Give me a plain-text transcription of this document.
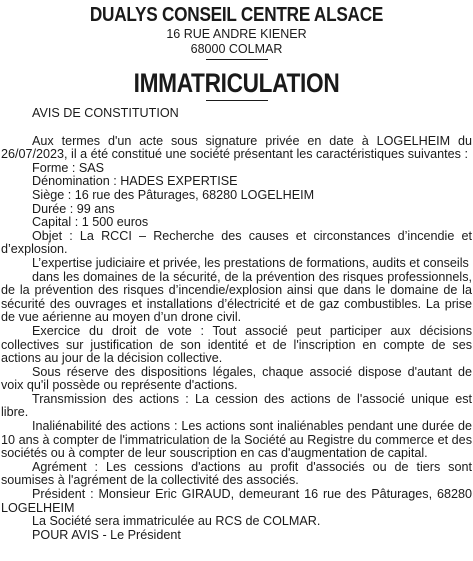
DUALYS CONSEIL CENTRE ALSACE
16 RUE ANDRE KIENER
68000 COLMAR
IMMATRICULATION

AVIS DE CONSTITUTION

Aux termes d'un acte sous signature privée en date à LOGELHEIM du 26/07/2023, il a été constitué une société présentant les caractéristiques suivantes :

Forme : SAS

Dénomination : HADES EXPERTISE

Siège : 16 rue des Pâturages, 68280 LOGELHEIM

Durée : 99 ans

Capital : 1 500 euros

Objet : La RCCI – Recherche des causes et circonstances d’incendie et d’explosion.

L’expertise judiciaire et privée, les prestations de formations, audits et conseils

dans les domaines de la sécurité, de la prévention des risques professionnels, de la prévention des risques d’incendie/explosion ainsi que dans le domaine de la sécurité des ouvrages et installations d’électricité et de gaz combustibles. La prise de vue aérienne au moyen d’un drone civil.

Exercice du droit de vote : Tout associé peut participer aux décisions collectives sur justification de son identité et de l'inscription en compte de ses actions au jour de la décision collective.

Sous réserve des dispositions légales, chaque associé dispose d'autant de voix qu'il possède ou représente d'actions.

Transmission des actions : La cession des actions de l'associé unique est libre.

Inaliénabilité des actions : Les actions sont inaliénables pendant une durée de 10 ans à compter de l'immatriculation de la Société au Registre du commerce et des sociétés ou à compter de leur souscription en cas d'augmentation de capital.

Agrément : Les cessions d'actions au profit d'associés ou de tiers sont soumises à l'agrément de la collectivité des associés.

Président : Monsieur Eric GIRAUD, demeurant 16 rue des Pâturages, 68280 LOGELHEIM

La Société sera immatriculée au RCS de COLMAR.

POUR AVIS - Le Président
